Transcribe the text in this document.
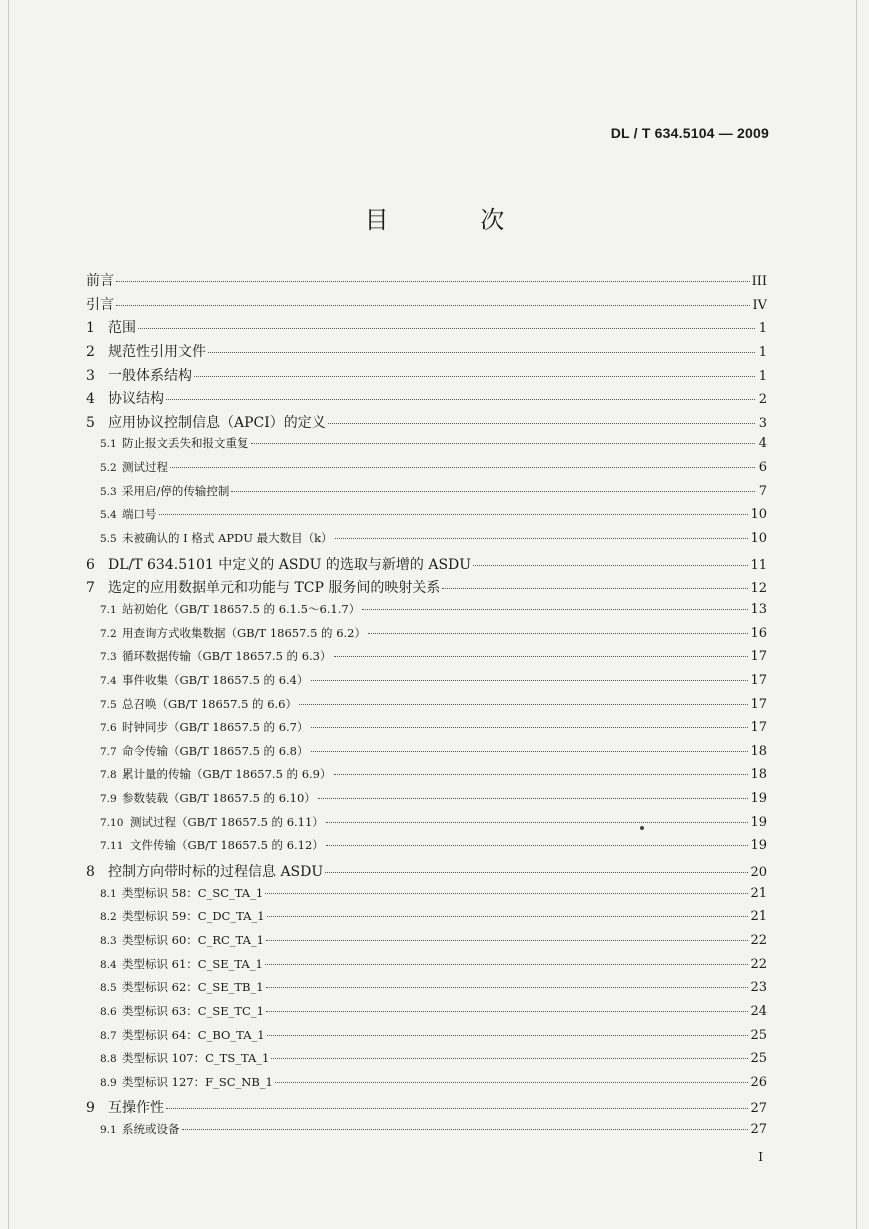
DL / T 634.5104 — 2009
目 次
前言	III
引言	IV
1 范围	1
2 规范性引用文件	1
3 一般体系结构	1
4 协议结构	2
5 应用协议控制信息（APCI）的定义	3
5.1 防止报文丢失和报文重复	4
5.2 测试过程	6
5.3 采用启/停的传输控制	7
5.4 端口号	10
5.5 未被确认的 I 格式 APDU 最大数目（k）	10
6 DL/T 634.5101 中定义的 ASDU 的选取与新增的 ASDU	11
7 选定的应用数据单元和功能与 TCP 服务间的映射关系	12
7.1 站初始化（GB/T 18657.5 的 6.1.5～6.1.7）	13
7.2 用查询方式收集数据（GB/T 18657.5 的 6.2）	16
7.3 循环数据传输（GB/T 18657.5 的 6.3）	17
7.4 事件收集（GB/T 18657.5 的 6.4）	17
7.5 总召唤（GB/T 18657.5 的 6.6）	17
7.6 时钟同步（GB/T 18657.5 的 6.7）	17
7.7 命令传输（GB/T 18657.5 的 6.8）	18
7.8 累计量的传输（GB/T 18657.5 的 6.9）	18
7.9 参数装载（GB/T 18657.5 的 6.10）	19
7.10 测试过程（GB/T 18657.5 的 6.11）	19
7.11 文件传输（GB/T 18657.5 的 6.12）	19
8 控制方向带时标的过程信息 ASDU	20
8.1 类型标识 58：C_SC_TA_1	21
8.2 类型标识 59：C_DC_TA_1	21
8.3 类型标识 60：C_RC_TA_1	22
8.4 类型标识 61：C_SE_TA_1	22
8.5 类型标识 62：C_SE_TB_1	23
8.6 类型标识 63：C_SE_TC_1	24
8.7 类型标识 64：C_BO_TA_1	25
8.8 类型标识 107：C_TS_TA_1	25
8.9 类型标识 127：F_SC_NB_1	26
9 互操作性	27
9.1 系统或设备	27
I
